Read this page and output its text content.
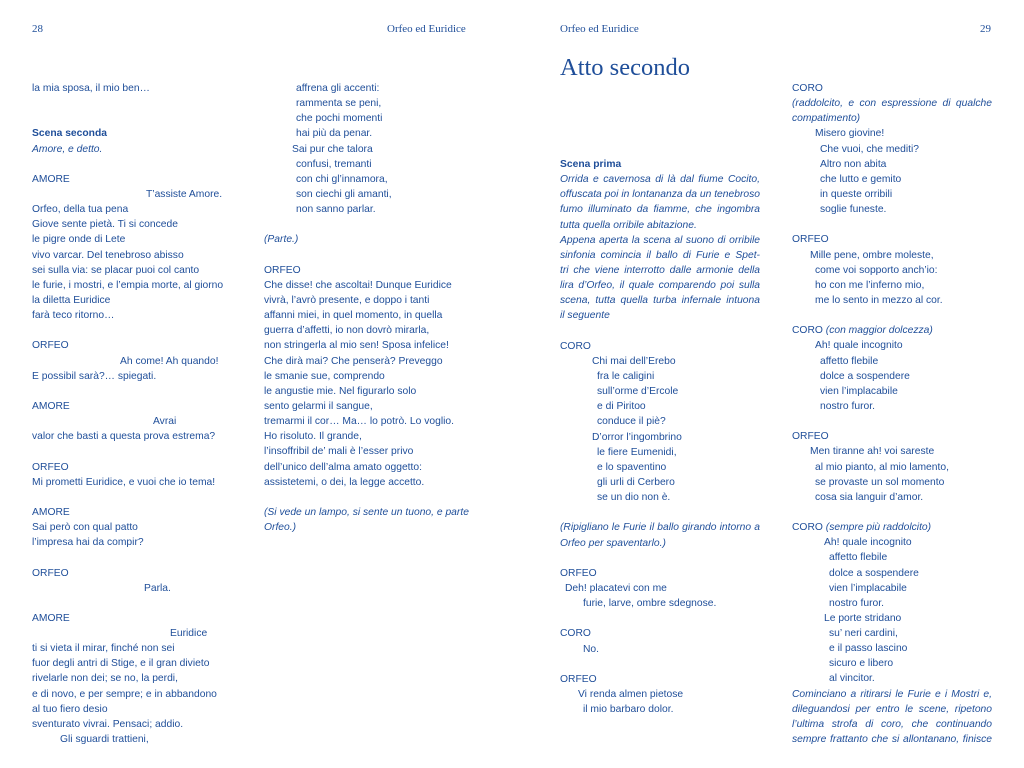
28	Orfeo ed Euridice	Orfeo ed Euridice	29
Atto secondo
la mia sposa, il mio ben…
Scena seconda
Amore, e detto.
AMORE
T’assiste Amore.
Orfeo, della tua pena
Giove sente pietà. Ti si concede
le pigre onde di Lete
vivo varcar. Del tenebroso abisso
sei sulla via: se placar puoi col canto
le furie, i mostri, e l’empia morte, al giorno
la diletta Euridice
farà teco ritorno…
ORFEO
Ah come! Ah quando!
E possibil sarà?… spiegati.
AMORE
Avrai
valor che basti a questa prova estrema?
ORFEO
Mi prometti Euridice, e vuoi che io tema!
AMORE
Sai però con qual patto
l’impresa hai da compir?
ORFEO
Parla.
AMORE
Euridice
ti si vieta il mirar, finché non sei
fuor degli antri di Stige, e il gran divieto
rivelarle non dei; se no, la perdi,
e di novo, e per sempre; e in abbandono
al tuo fiero desio
sventurato vivrai. Pensaci; addio.
Gli sguardi trattieni,
affrena gli accenti:
rammenta se peni,
che pochi momenti
hai più da penar.
Sai pur che talora
confusi, tremanti
con chi gl’innamora,
son ciechi gli amanti,
non sanno parlar.
(Parte.)
ORFEO
Che disse! che ascoltai! Dunque Euridice
vivrà, l’avrò presente, e doppo i tanti
affanni miei, in quel momento, in quella
guerra d’affetti, io non dovrò mirarla,
non stringerla al mio sen! Sposa infelice!
Che dirà mai? Che penserà? Preveggo
le smanie sue, comprendo
le angustie mie. Nel figurarlo solo
sento gelarmi il sangue,
tremarmi il cor… Ma… lo potrò. Lo voglio.
Ho risoluto. Il grande,
l’insoffribil de’ mali è l’esser privo
dell’unico dell’alma amato oggetto:
assistetemi, o dei, la legge accetto.
(Si vede un lampo, si sente un tuono, e parte
Orfeo.)
Scena prima
Orrida e cavernosa di là dal fiume Cocito,
offuscata poi in lontananza da un tenebroso
fumo illuminato da fiamme, che ingombra
tutta quella orribile abitazione.
Appena aperta la scena al suono di orribile
sinfonia comincia il ballo di Furie e Spet-
tri che viene interrotto dalle armonie della
lira d’Orfeo, il quale comparendo poi sulla
scena, tutta quella turba infernale intuona
il seguente
CORO
Chi mai dell’Erebo
fra le caligini
sull’orme d’Ercole
e di Piritoo
conduce il piè?
D’orror l’ingombrino
le fiere Eumenidi,
e lo spaventino
gli urli di Cerbero
se un dio non è.
(Ripigliano le Furie il ballo girando intorno a
Orfeo per spaventarlo.)
ORFEO
Deh! placatevi con me
furie, larve, ombre sdegnose.
CORO
No.
ORFEO
Vi renda almen pietose
il mio barbaro dolor.
CORO
(raddolcito, e con espressione di qualche
compatimento)
Misero giovine!
Che vuoi, che mediti?
Altro non abita
che lutto e gemito
in queste orribili
soglie funeste.
ORFEO
Mille pene, ombre moleste,
come voi sopporto anch’io:
ho con me l’inferno mio,
me lo sento in mezzo al cor.
CORO (con maggior dolcezza)
Ah! quale incognito
affetto flebile
dolce a sospendere
vien l’implacabile
nostro furor.
ORFEO
Men tiranne ah! voi sareste
al mio pianto, al mio lamento,
se provaste un sol momento
cosa sia languir d’amor.
CORO (sempre più raddolcito)
Ah! quale incognito
affetto flebile
dolce a sospendere
vien l’implacabile
nostro furor.
Le porte stridano
su’ neri cardini,
e il passo lascino
sicuro e libero
al vincitor.
Cominciano a ritirarsi le Furie e i Mostri e,
dileguandosi per entro le scene, ripetono
l’ultima strofa di coro, che continuando
sempre frattanto che si allontanano, finisce
